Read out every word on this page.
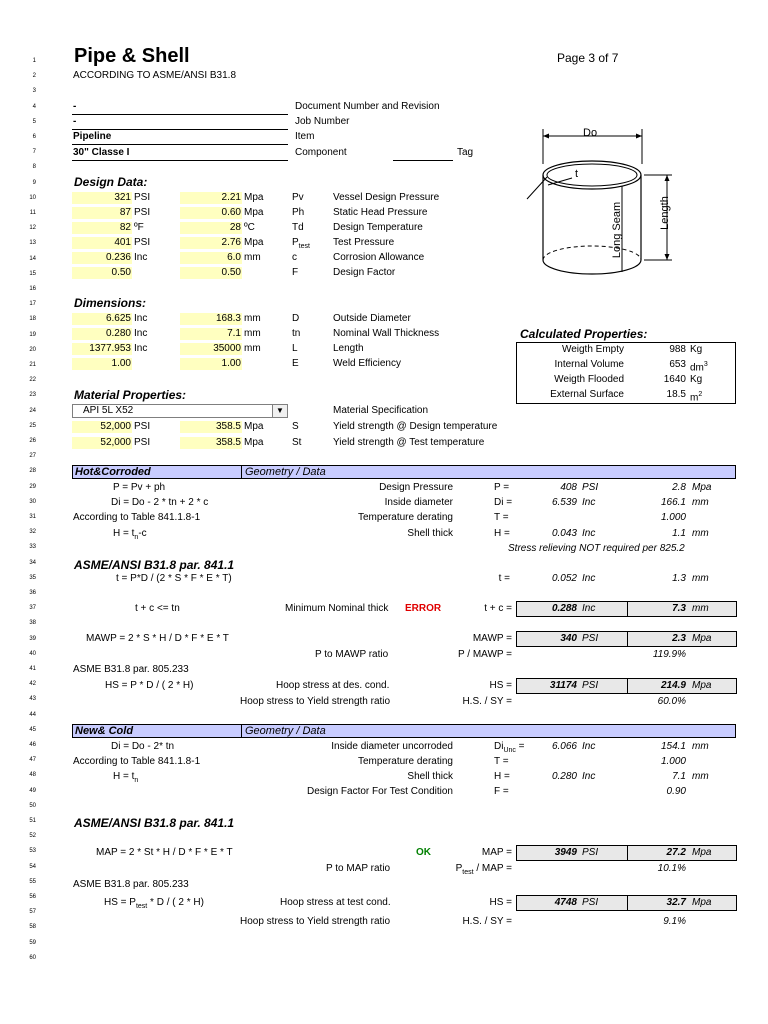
Pipe & Shell	Page 3 of 7
ACCORDING TO ASME/ANSI B31.8
1
2
3
4
5
6
7
8
9
10
11
12
13
14
15
16
17
18
19
20
21
22
23
24
25
26
27
28
29
30
31
32
33
34
35
36
37
38
39
40
41
42
43
44
45
46
47
48
49
50
51
52
53
54
55
56
57
58
59
60
-	Document Number and Revision
-	Job Number
Pipeline	Item
30" Classe I	Component	Tag
Do
t
Long Seam	Length
Design Data:
321 PSI	2.21 Mpa	Pv	Vessel Design Pressure
87 PSI	0.60 Mpa	Ph	Static Head Pressure
82 ºF	28 ºC	Td	Design Temperature
401 PSI	2.76 Mpa	$P_{test}$ Test Pressure
0.236 Inc	6.0 mm	c	Corrosion Allowance
0.50	0.50	F	Design Factor
Dimensions:
6.625 Inc	168.3 mm	D	Outside Diameter
0.280 Inc	7.1 mm	tn	Nominal Wall Thickness
1377.953 Inc	35000 mm	L	Length
1.00	1.00	E	Weld Efficiency
Calculated Properties:
Weigth Empty	988 Kg
Internal Volume	653 $dm^3$
Weigth Flooded	1640 Kg
External Surface	18.5 $m^2$
Material Properties:
API 5L X52	▼	Material Specification
52,000 PSI	358.5 Mpa	S	Yield strength @ Design temperature
52,000 PSI	358.5 Mpa	St	Yield strength @ Test temperature
Hot&Corroded	Geometry / Data
P = Pv + ph	Design Pressure	P =	408 PSI	2.8 Mpa
Di = Do - 2 * tn + 2 * c	Inside diameter	Di =	6.539 Inc	166.1 mm
According to Table 841.1.8-1	Temperature derating	T =	1.000
$H = t_n-c$	Shell thick	H =	0.043 Inc	1.1 mm
Stress relieving NOT required per 825.2
ASME/ANSI B31.8 par. 841.1
t = P*D / (2 * S * F * E * T)	t =	0.052 Inc	1.3 mm
t + c <= tn	Minimum Nominal thick ERROR	t + c =	0.288 Inc	7.3 mm
MAWP = 2 * S * H / D * F * E * T	MAWP =	340 PSI	2.3 Mpa
P to MAWP ratio	P / MAWP =	119.9%
ASME B31.8 par. 805.233
HS = P * D / ( 2 * H)	Hoop stress at des. cond.	HS =	31174 PSI	214.9 Mpa
Hoop stress to Yield strength ratio	H.S. / SY =	60.0%
New& Cold	Geometry / Data
Di = Do - 2* tn	Inside diameter uncorroded	$Di_{Unc}$ =	6.066 Inc	154.1 mm
According to Table 841.1.8-1	Temperature derating	T =	1.000
$H = t_n$	Shell thick	H =	0.280 Inc	7.1 mm
Design Factor For Test Condition	F =	0.90
ASME/ANSI B31.8 par. 841.1
MAP = 2 * St * H / D * F * E * T	OK	MAP =	3949 PSI	27.2 Mpa
P to MAP ratio	$P_{test}$ / MAP =	10.1%
ASME B31.8 par. 805.233
HS = $P_{test}$ * D / ( 2 * H)	Hoop stress at test cond.	HS =	4748 PSI	32.7 Mpa
Hoop stress to Yield strength ratio	H.S. / SY =	9.1%
